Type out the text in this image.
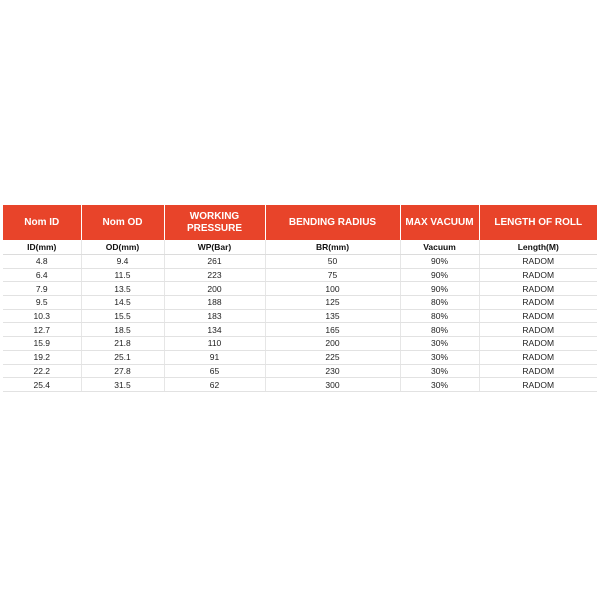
Nom ID	Nom OD	WORKING PRESSURE	BENDING RADIUS	MAX VACUUM	LENGTH OF ROLL
ID(mm)	OD(mm)	WP(Bar)	BR(mm)	Vacuum	Length(M)
4.8	9.4	261	50	90%	RADOM
6.4	11.5	223	75	90%	RADOM
7.9	13.5	200	100	90%	RADOM
9.5	14.5	188	125	80%	RADOM
10.3	15.5	183	135	80%	RADOM
12.7	18.5	134	165	80%	RADOM
15.9	21.8	110	200	30%	RADOM
19.2	25.1	91	225	30%	RADOM
22.2	27.8	65	230	30%	RADOM
25.4	31.5	62	300	30%	RADOM
